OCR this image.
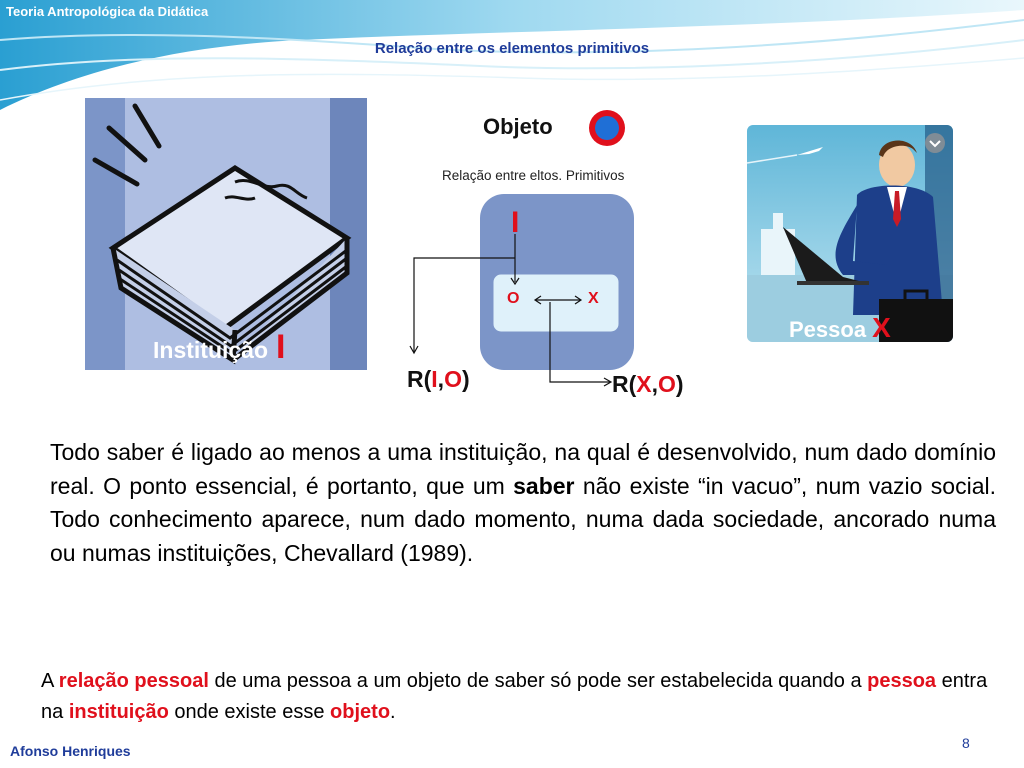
Teoria Antropológica da Didática
Relação entre os elementos primitivos
Instituição I
Objeto
Relação entre eltos. Primitivos
I
O	X
R(I,O)	R(X,O)
Pessoa X
Todo saber é ligado ao menos a uma instituição, na qual é desenvolvido, num dado domínio real. O ponto essencial, é portanto, que um saber não existe “in vacuo”, num vazio social. Todo conhecimento aparece, num dado momento, numa dada sociedade, ancorado numa ou numas instituições, Chevallard (1989).
A relação pessoal de uma pessoa a um objeto de saber só pode ser estabelecida quando a pessoa entra na instituição onde existe esse objeto.
Afonso Henriques	8
